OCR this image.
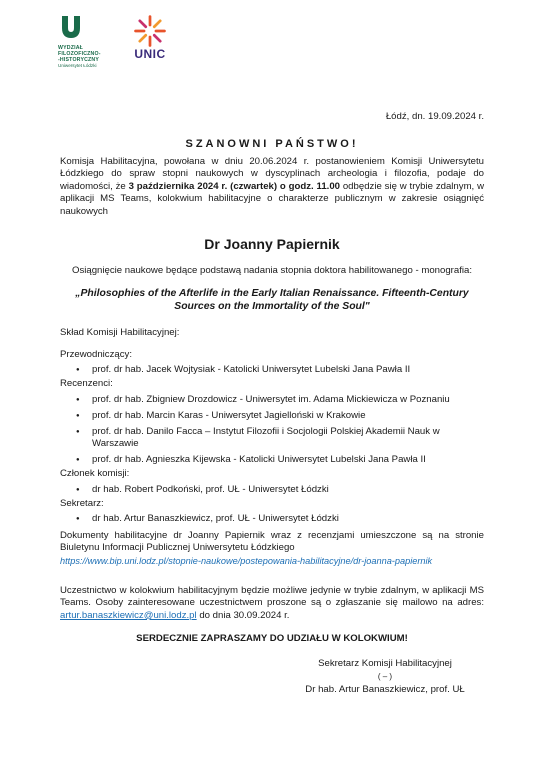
WYDZIAŁ
FILOZOFICZNO-
-HISTORYCZNY
Uniwersytet Łódzki
UNIC
Łódź, dn. 19.09.2024 r.
SZANOWNI PAŃSTWO!
Komisja Habilitacyjna, powołana w dniu 20.06.2024 r. postanowieniem Komisji Uniwersytetu Łódzkiego do spraw stopni naukowych w dyscyplinach archeologia i filozofia, podaje do wiadomości, że 3 października 2024 r. (czwartek) o godz. 11.00 odbędzie się w trybie zdalnym, w aplikacji MS Teams, kolokwium habilitacyjne o charakterze publicznym w zakresie osiągnięć naukowych
Dr Joanny Papiernik
Osiągnięcie naukowe będące podstawą nadania stopnia doktora habilitowanego - monografia:
„Philosophies of the Afterlife in the Early Italian Renaissance. Fifteenth-Century Sources on the Immortality of the Soul"
Skład Komisji Habilitacyjnej:
Przewodniczący:
● prof. dr hab. Jacek Wojtysiak - Katolicki Uniwersytet Lubelski Jana Pawła II
Recenzenci:
● prof. dr hab. Zbigniew Drozdowicz - Uniwersytet im. Adama Mickiewicza w Poznaniu
● prof. dr hab. Marcin Karas - Uniwersytet Jagielloński w Krakowie
● prof. dr hab. Danilo Facca – Instytut Filozofii i Socjologii Polskiej Akademii Nauk w Warszawie
● prof. dr hab. Agnieszka Kijewska - Katolicki Uniwersytet Lubelski Jana Pawła II
Członek komisji:
● dr hab. Robert Podkoński, prof. UŁ - Uniwersytet Łódzki
Sekretarz:
● dr hab. Artur Banaszkiewicz, prof. UŁ - Uniwersytet Łódzki
Dokumenty habilitacyjne dr Joanny Papiernik wraz z recenzjami umieszczone są na stronie Biuletynu Informacji Publicznej Uniwersytetu Łódzkiego
https://www.bip.uni.lodz.pl/stopnie-naukowe/postepowania-habilitacyjne/dr-joanna-papiernik
Uczestnictwo w kolokwium habilitacyjnym będzie możliwe jedynie w trybie zdalnym, w aplikacji MS Teams. Osoby zainteresowane uczestnictwem proszone są o zgłaszanie się mailowo na adres: artur.banaszkiewicz@uni.lodz.pl do dnia 30.09.2024 r.
SERDECZNIE ZAPRASZAMY DO UDZIAŁU W KOLOKWIUM!
Sekretarz Komisji Habilitacyjnej
( – )
Dr hab. Artur Banaszkiewicz, prof. UŁ
